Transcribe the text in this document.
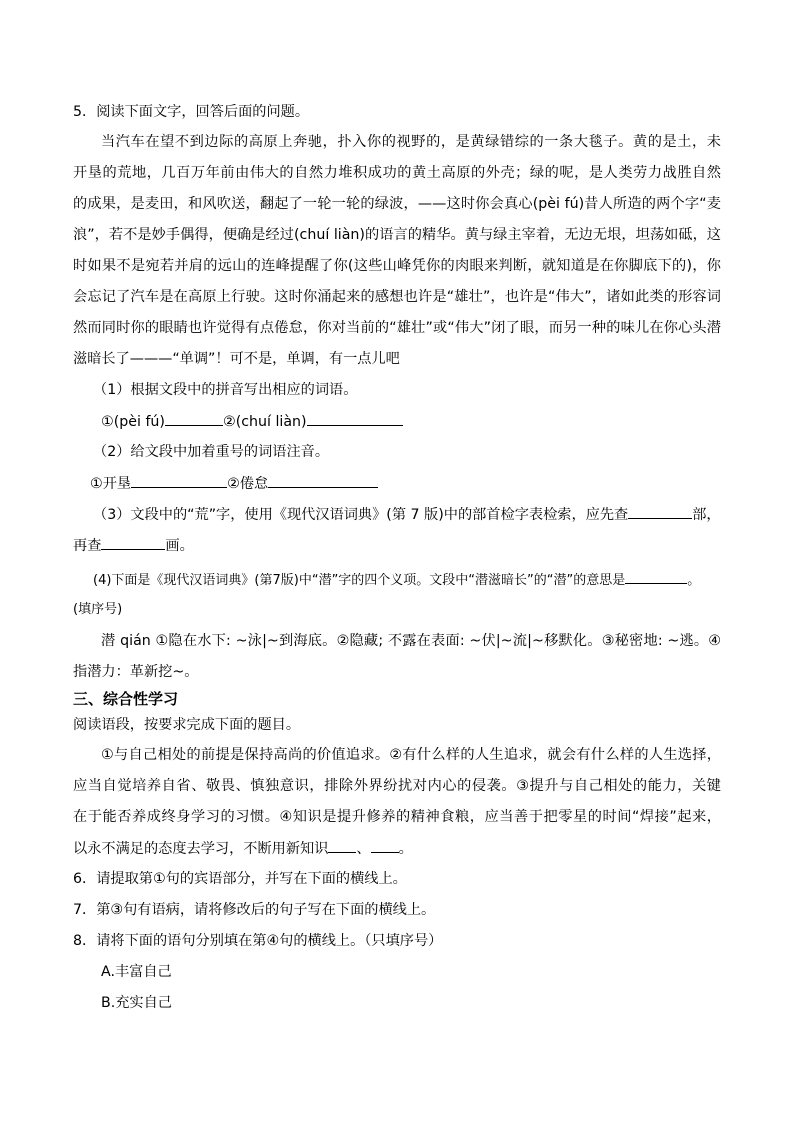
5．阅读下面文字，回答后面的问题。
当汽车在望不到边际的高原上奔驰，扑入你的视野的，是黄绿错综的一条大毯子。黄的是土，未
开垦的荒地，几百万年前由伟大的自然力堆积成功的黄土高原的外壳；绿的呢，是人类劳力战胜自然
的成果，是麦田，和风吹送，翻起了一轮一轮的绿波，——这时你会真心(pèi fú)昔人所造的两个字“麦
浪”，若不是妙手偶得，便确是经过(chuí liàn)的语言的精华。黄与绿主宰着，无边无垠，坦荡如砥，这
时如果不是宛若并肩的远山的连峰提醒了你(这些山峰凭你的肉眼来判断，就知道是在你脚底下的)，你
会忘记了汽车是在高原上行驶。这时你涌起来的感想也许是“雄壮”，也许是“伟大”，诸如此类的形容词
然而同时你的眼睛也许觉得有点倦怠，你对当前的“雄壮”或“伟大”闭了眼，而另一种的味儿在你心头潜
滋暗长了———“单调”！可不是，单调，有一点儿吧
（1）根据文段中的拼音写出相应的词语。
①(pèi fú)	②(chuí liàn)
（2）给文段中加着重号的词语注音。
①开垦	②倦怠
（3）文段中的“荒”字，使用《现代汉语词典》(第 7 版)中的部首检字表检索，应先查	部，
再查	画。
(4)下面是《现代汉语词典》(第7版)中“潜”字的四个义项。文段中“潜滋暗长”的“潜”的意思是	。
(填序号)
潜 qián ①隐在水下: ~泳|~到海底。②隐藏; 不露在表面: ~伏|~流|~移默化。③秘密地: ~逃。④
指潜力：革新挖~。
三、综合性学习
阅读语段，按要求完成下面的题目。
①与自己相处的前提是保持高尚的价值追求。②有什么样的人生追求，就会有什么样的人生选择，
应当自觉培养自省、敬畏、慎独意识，排除外界纷扰对内心的侵袭。③提升与自己相处的能力，关键
在于能否养成终身学习的习惯。④知识是提升修养的精神食粮，应当善于把零星的时间“焊接”起来，
以永不满足的态度去学习，不断用新知识 、 。
6．请提取第①句的宾语部分，并写在下面的横线上。
7．第③句有语病，请将修改后的句子写在下面的横线上。
8．请将下面的语句分别填在第④句的横线上。（只填序号）
A.丰富自己
B.充实自己
